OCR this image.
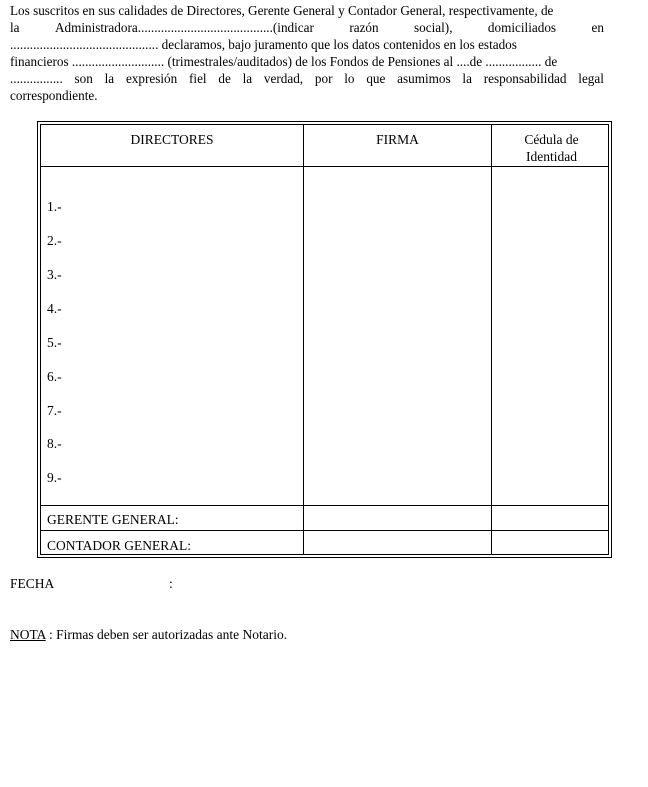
Los suscritos en sus calidades de Directores, Gerente General y Contador General, respectivamente, de
la	Administradora.........................................(indicar	razón	social),	domiciliados	en
............................................. declaramos, bajo juramento que los datos contenidos en los estados
financieros ............................ (trimestrales/auditados) de los Fondos de Pensiones al ....de ................. de
................ son la expresión fiel de la verdad, por lo que asumimos la responsabilidad legal
correspondiente.
DIRECTORES	FIRMA	Cédula de
Identidad
1.-
2.-
3.-
4.-
5.-
6.-
7.-
8.-
9.-
GERENTE GENERAL:
CONTADOR GENERAL:
FECHA	:
NOTA : Firmas deben ser autorizadas ante Notario.
